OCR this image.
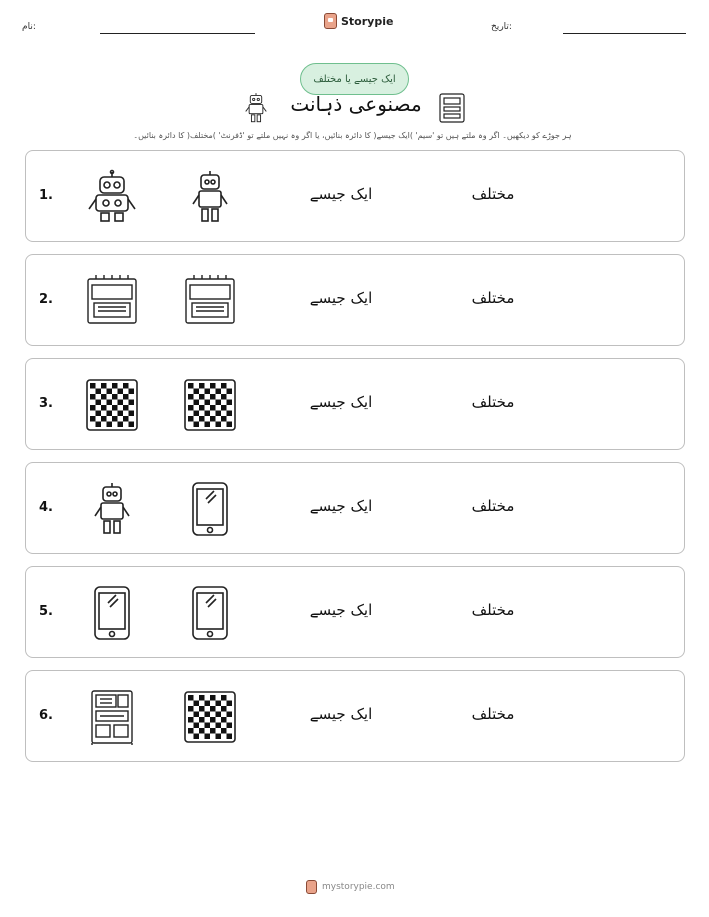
نام:	Storypie	تاریخ:
ایک جیسے یا مختلف
مصنوعی ذہانت
ہر جوڑے کو دیکھیں۔ اگر وہ ملتے ہیں تو 'سیم' )ایک جیسے( کا دائرہ بنائیں، یا اگر وہ نہیں ملتے تو 'ڈفرنٹ' )مختلف( کا دائرہ بنائیں۔
1.	ایک جیسے	مختلف
2.	ایک جیسے	مختلف
3.	ایک جیسے	مختلف
4.	ایک جیسے	مختلف
5.	ایک جیسے	مختلف
6.	ایک جیسے	مختلف
mystorypie.com
